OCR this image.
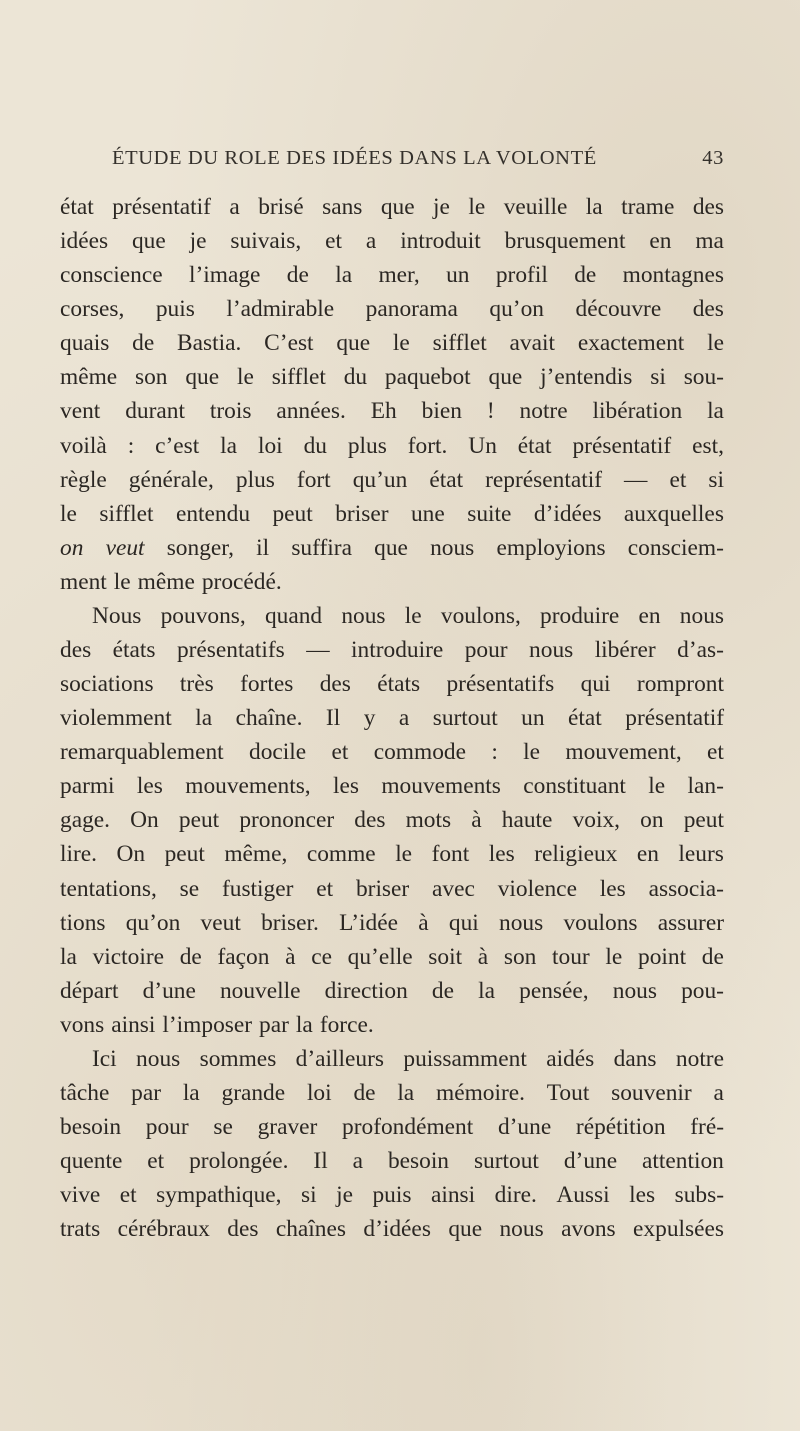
ÉTUDE DU ROLE DES IDÉES DANS LA VOLONTÉ	43
état présentatif a brisé sans que je le veuille la trame des
idées que je suivais, et a introduit brusquement en ma
conscience l’image de la mer, un profil de montagnes
corses, puis l’admirable panorama qu’on découvre des
quais de Bastia. C’est que le sifflet avait exactement le
même son que le sifflet du paquebot que j’entendis si sou-
vent durant trois années. Eh bien ! notre libération la
voilà : c’est la loi du plus fort. Un état présentatif est,
règle générale, plus fort qu’un état représentatif — et si
le sifflet entendu peut briser une suite d’idées auxquelles
on veut songer, il suffira que nous employions consciem-
ment le même procédé.
Nous pouvons, quand nous le voulons, produire en nous
des états présentatifs — introduire pour nous libérer d’as-
sociations très fortes des états présentatifs qui rompront
violemment la chaîne. Il y a surtout un état présentatif
remarquablement docile et commode : le mouvement, et
parmi les mouvements, les mouvements constituant le lan-
gage. On peut prononcer des mots à haute voix, on peut
lire. On peut même, comme le font les religieux en leurs
tentations, se fustiger et briser avec violence les associa-
tions qu’on veut briser. L’idée à qui nous voulons assurer
la victoire de façon à ce qu’elle soit à son tour le point de
départ d’une nouvelle direction de la pensée, nous pou-
vons ainsi l’imposer par la force.
Ici nous sommes d’ailleurs puissamment aidés dans notre
tâche par la grande loi de la mémoire. Tout souvenir a
besoin pour se graver profondément d’une répétition fré-
quente et prolongée. Il a besoin surtout d’une attention
vive et sympathique, si je puis ainsi dire. Aussi les subs-
trats cérébraux des chaînes d’idées que nous avons expulsées
